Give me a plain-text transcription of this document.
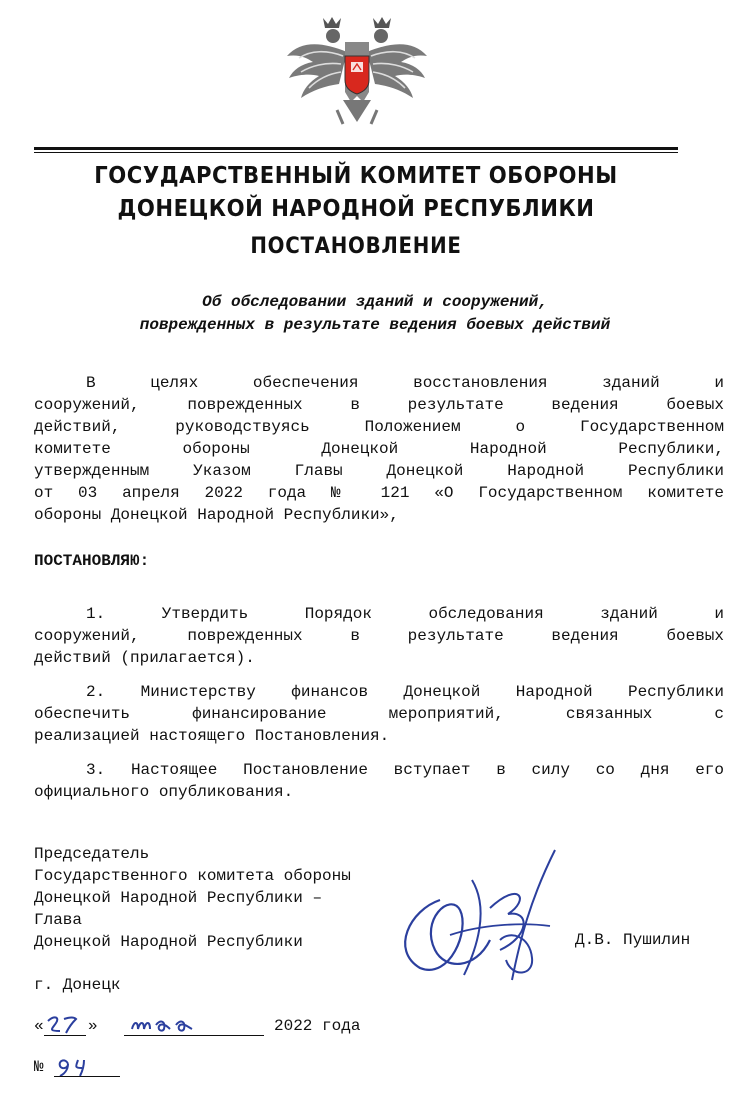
ГОСУДАРСТВЕННЫЙ КОМИТЕТ ОБОРОНЫ
ДОНЕЦКОЙ НАРОДНОЙ РЕСПУБЛИКИ
ПОСТАНОВЛЕНИЕ
Об обследовании зданий и сооружений,
поврежденных в результате ведения боевых действий
В целях обеспечения восстановления зданий и
сооружений, поврежденных в результате ведения боевых
действий, руководствуясь Положением о Государственном
комитете обороны Донецкой Народной Республики,
утвержденным Указом Главы Донецкой Народной Республики
от 03 апреля 2022 года № 121 «О Государственном комитете
обороны Донецкой Народной Республики»,
ПОСТАНОВЛЯЮ:
1. Утвердить Порядок обследования зданий и
сооружений, поврежденных в результате ведения боевых
действий (прилагается).
2. Министерству финансов Донецкой Народной Республики
обеспечить финансирование мероприятий, связанных с
реализацией настоящего Постановления.
3. Настоящее Постановление вступает в силу со дня его
официального опубликования.
Председатель
Государственного комитета обороны
Донецкой Народной Республики –
Глава
Донецкой Народной Республики	Д.В. Пушилин
г. Донецк
«	»	2022 года
№
